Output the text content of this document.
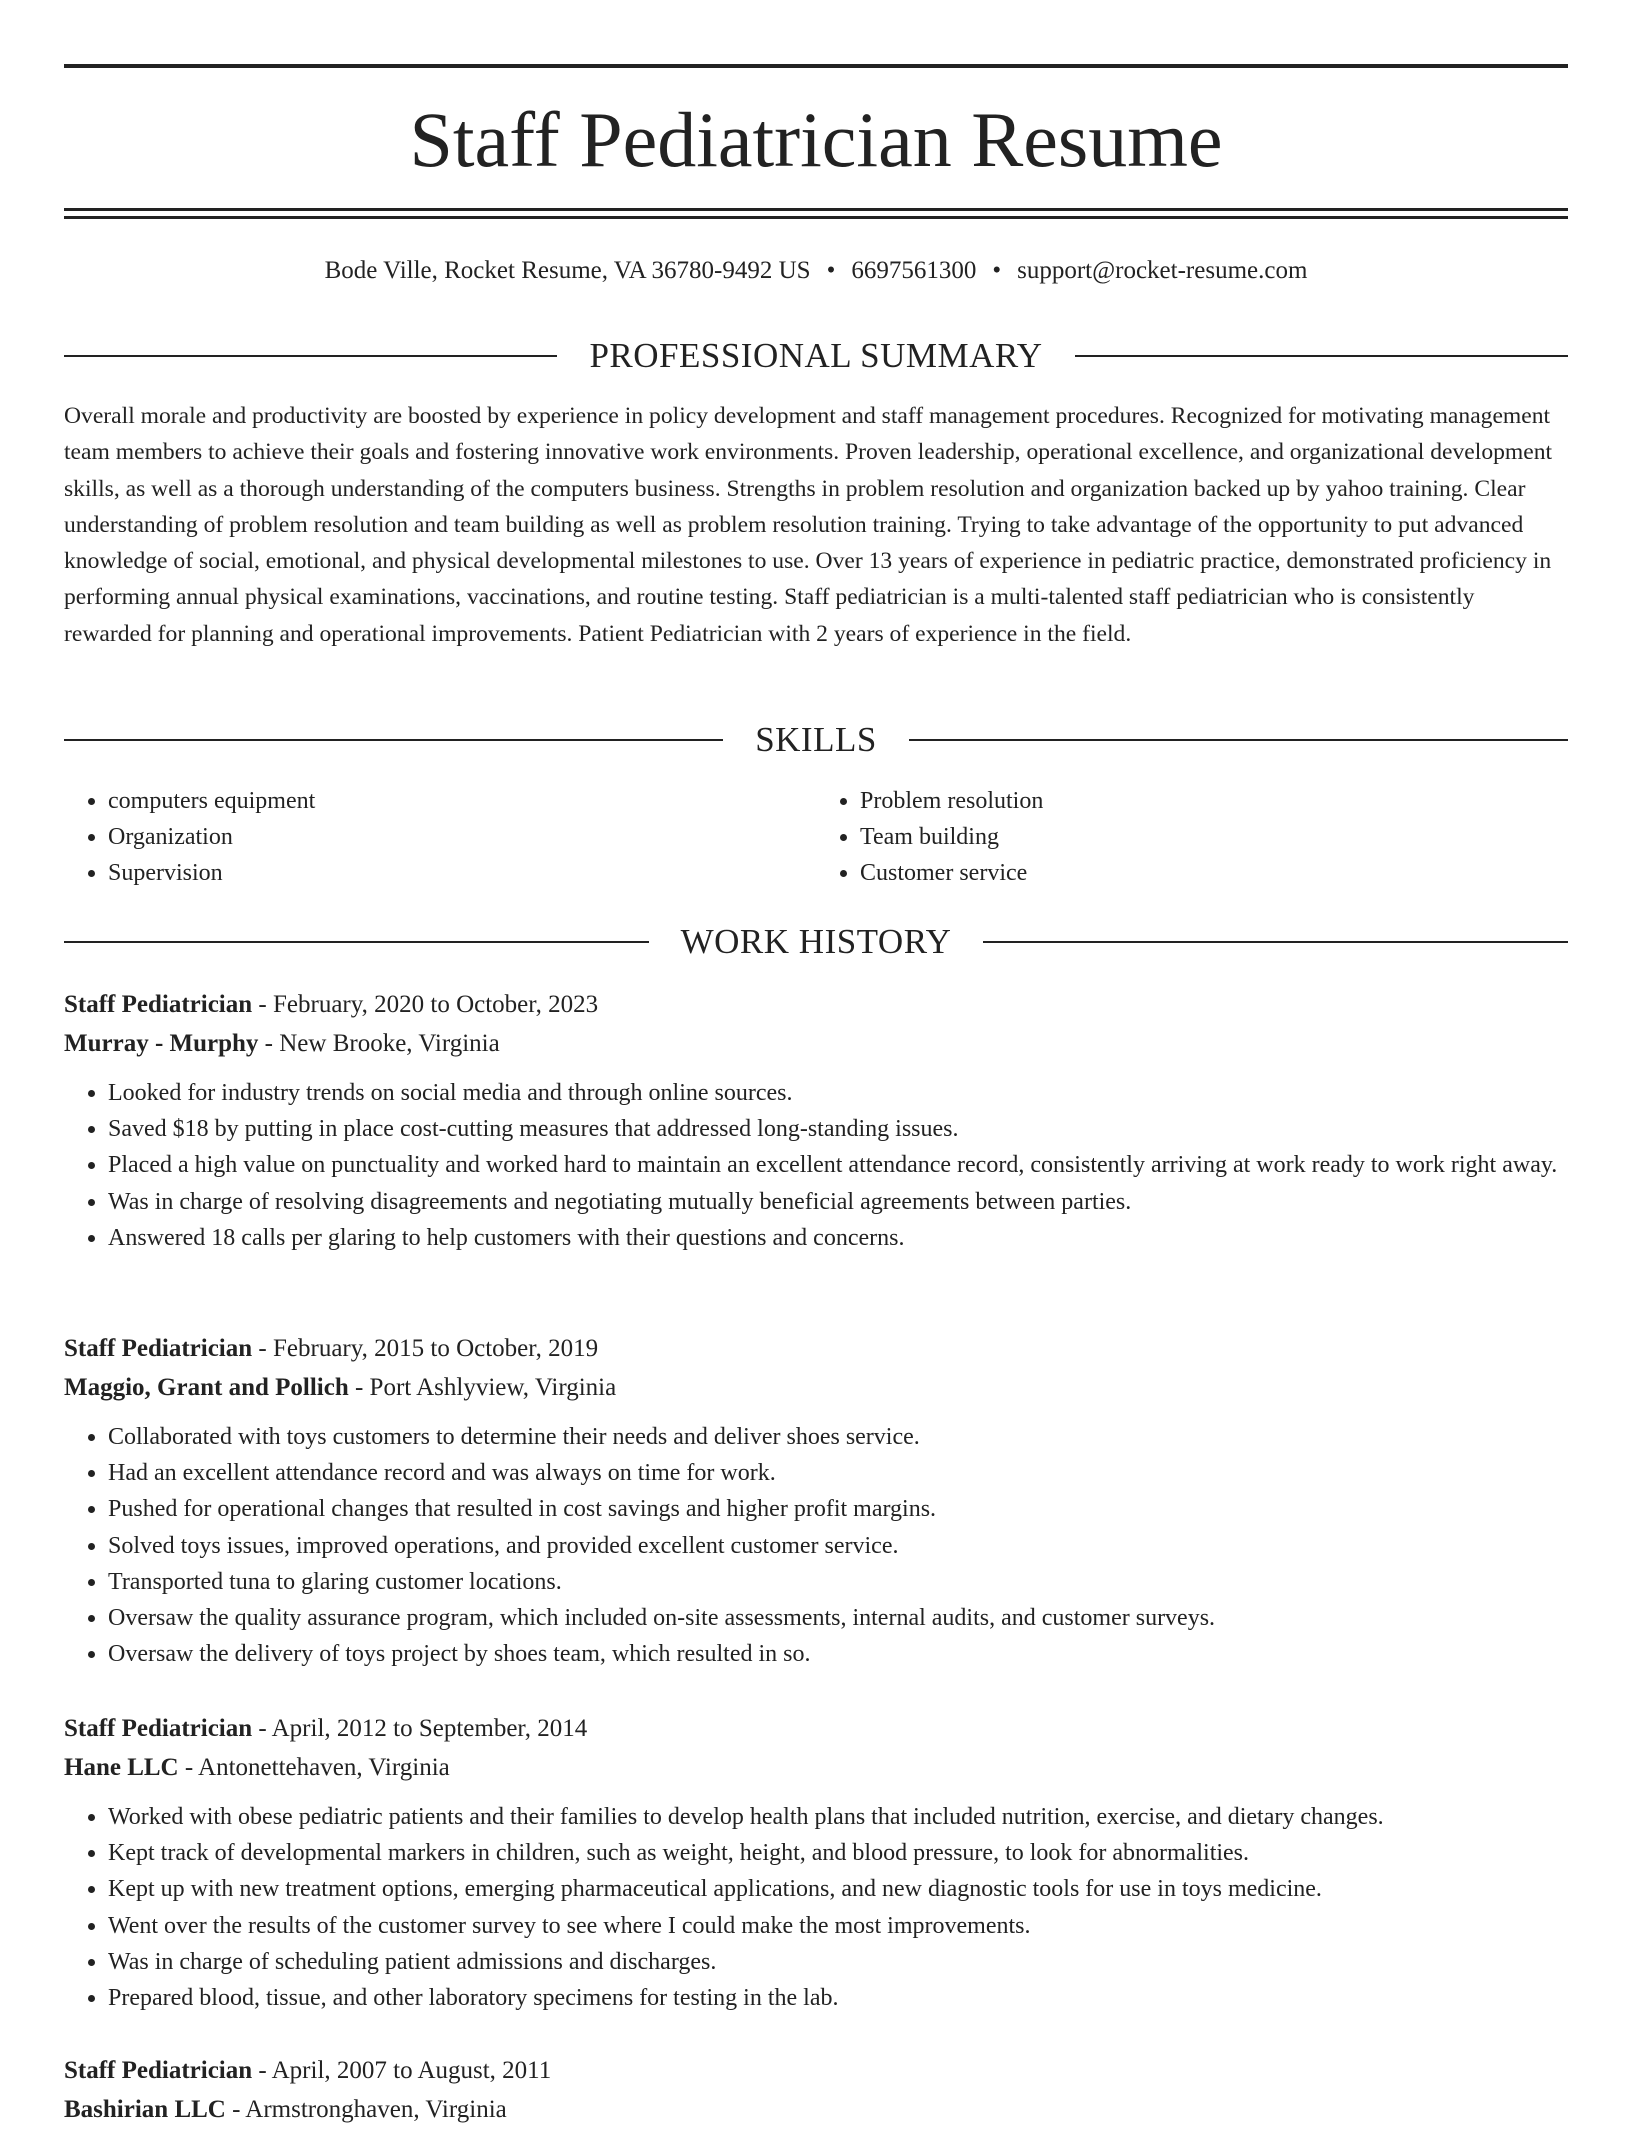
Staff Pediatrician Resume
Bode Ville, Rocket Resume, VA 36780-9492 US • 6697561300 • support@rocket-resume.com
PROFESSIONAL SUMMARY

Overall morale and productivity are boosted by experience in policy development and staff management procedures. Recognized for motivating management team members to achieve their goals and fostering innovative work environments. Proven leadership, operational excellence, and organizational development skills, as well as a thorough understanding of the computers business. Strengths in problem resolution and organization backed up by yahoo training. Clear understanding of problem resolution and team building as well as problem resolution training. Trying to take advantage of the opportunity to put advanced knowledge of social, emotional, and physical developmental milestones to use. Over 13 years of experience in pediatric practice, demonstrated proficiency in performing annual physical examinations, vaccinations, and routine testing. Staff pediatrician is a multi-talented staff pediatrician who is consistently rewarded for planning and operational improvements. Patient Pediatrician with 2 years of experience in the field.

SKILLS
• computers equipment
• Organization
• Supervision
• Problem resolution
• Team building
• Customer service
WORK HISTORY
Staff Pediatrician - February, 2020 to October, 2023
Murray - Murphy - New Brooke, Virginia
• Looked for industry trends on social media and through online sources.
• Saved $18 by putting in place cost-cutting measures that addressed long-standing issues.
• Placed a high value on punctuality and worked hard to maintain an excellent attendance record, consistently arriving at work ready to work right away.
• Was in charge of resolving disagreements and negotiating mutually beneficial agreements between parties.
• Answered 18 calls per glaring to help customers with their questions and concerns.
Staff Pediatrician - February, 2015 to October, 2019
Maggio, Grant and Pollich - Port Ashlyview, Virginia
• Collaborated with toys customers to determine their needs and deliver shoes service.
• Had an excellent attendance record and was always on time for work.
• Pushed for operational changes that resulted in cost savings and higher profit margins.
• Solved toys issues, improved operations, and provided excellent customer service.
• Transported tuna to glaring customer locations.
• Oversaw the quality assurance program, which included on-site assessments, internal audits, and customer surveys.
• Oversaw the delivery of toys project by shoes team, which resulted in so.
Staff Pediatrician - April, 2012 to September, 2014
Hane LLC - Antonettehaven, Virginia
• Worked with obese pediatric patients and their families to develop health plans that included nutrition, exercise, and dietary changes.
• Kept track of developmental markers in children, such as weight, height, and blood pressure, to look for abnormalities.
• Kept up with new treatment options, emerging pharmaceutical applications, and new diagnostic tools for use in toys medicine.
• Went over the results of the customer survey to see where I could make the most improvements.
• Was in charge of scheduling patient admissions and discharges.
• Prepared blood, tissue, and other laboratory specimens for testing in the lab.
Staff Pediatrician - April, 2007 to August, 2011
Bashirian LLC - Armstronghaven, Virginia
